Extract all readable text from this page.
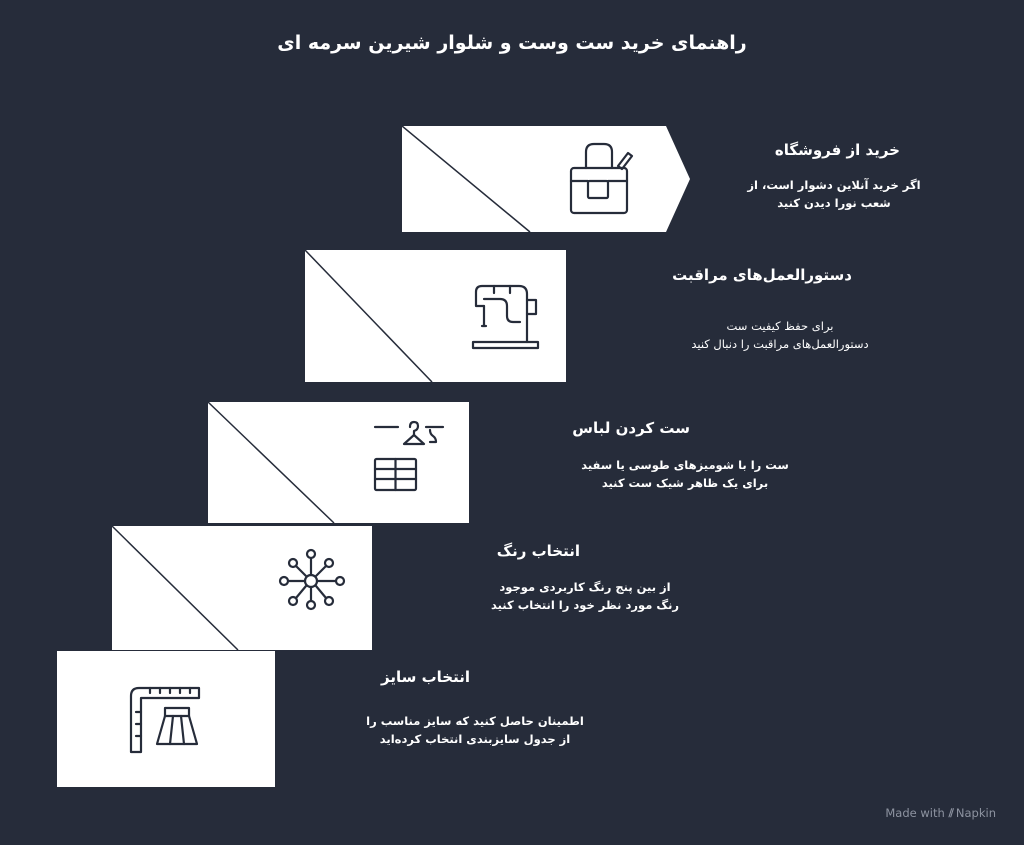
راهنمای خرید ست وست و شلوار شیرین سرمه ای
خرید از فروشگاه
اگر خرید آنلاین دشوار است، از
شعب نورا دیدن کنید
دستورالعمل‌های مراقبت
برای حفظ کیفیت ست
دستورالعمل‌های مراقبت را دنبال کنید
ست کردن لباس
ست را با شومیزهای طوسی یا سفید
برای یک ظاهر شیک ست کنید
انتخاب رنگ
از بین پنج رنگ کاربردی موجود
رنگ مورد نظر خود را انتخاب کنید
انتخاب سایز
اطمینان حاصل کنید که سایز مناسب را
از جدول سایزبندی انتخاب کرده‌اید
Made with ⫽ Napkin
